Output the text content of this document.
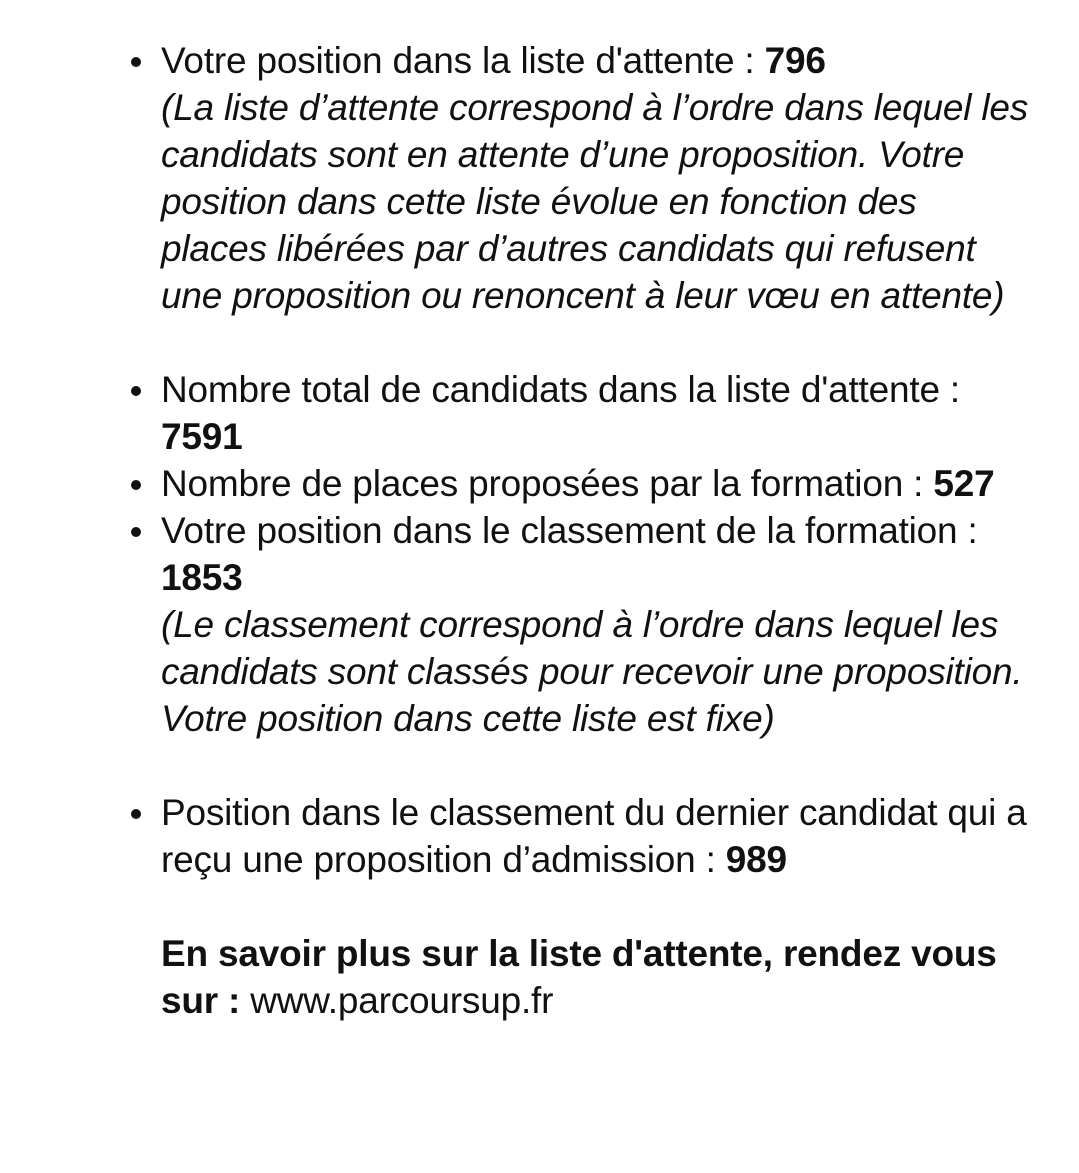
Votre position dans la liste d'attente : 796
(La liste d’attente correspond à l’ordre dans lequel les candidats sont en attente d’une proposition. Votre position dans cette liste évolue en fonction des places libérées par d’autres candidats qui refusent une proposition ou renoncent à leur vœu en attente)
Nombre total de candidats dans la liste d'attente : 7591
Nombre de places proposées par la formation : 527
Votre position dans le classement de la formation : 1853
(Le classement correspond à l’ordre dans lequel les candidats sont classés pour recevoir une proposition. Votre position dans cette liste est fixe)
Position dans le classement du dernier candidat qui a reçu une proposition d’admission : 989
En savoir plus sur la liste d'attente, rendez vous sur : www.parcoursup.fr
